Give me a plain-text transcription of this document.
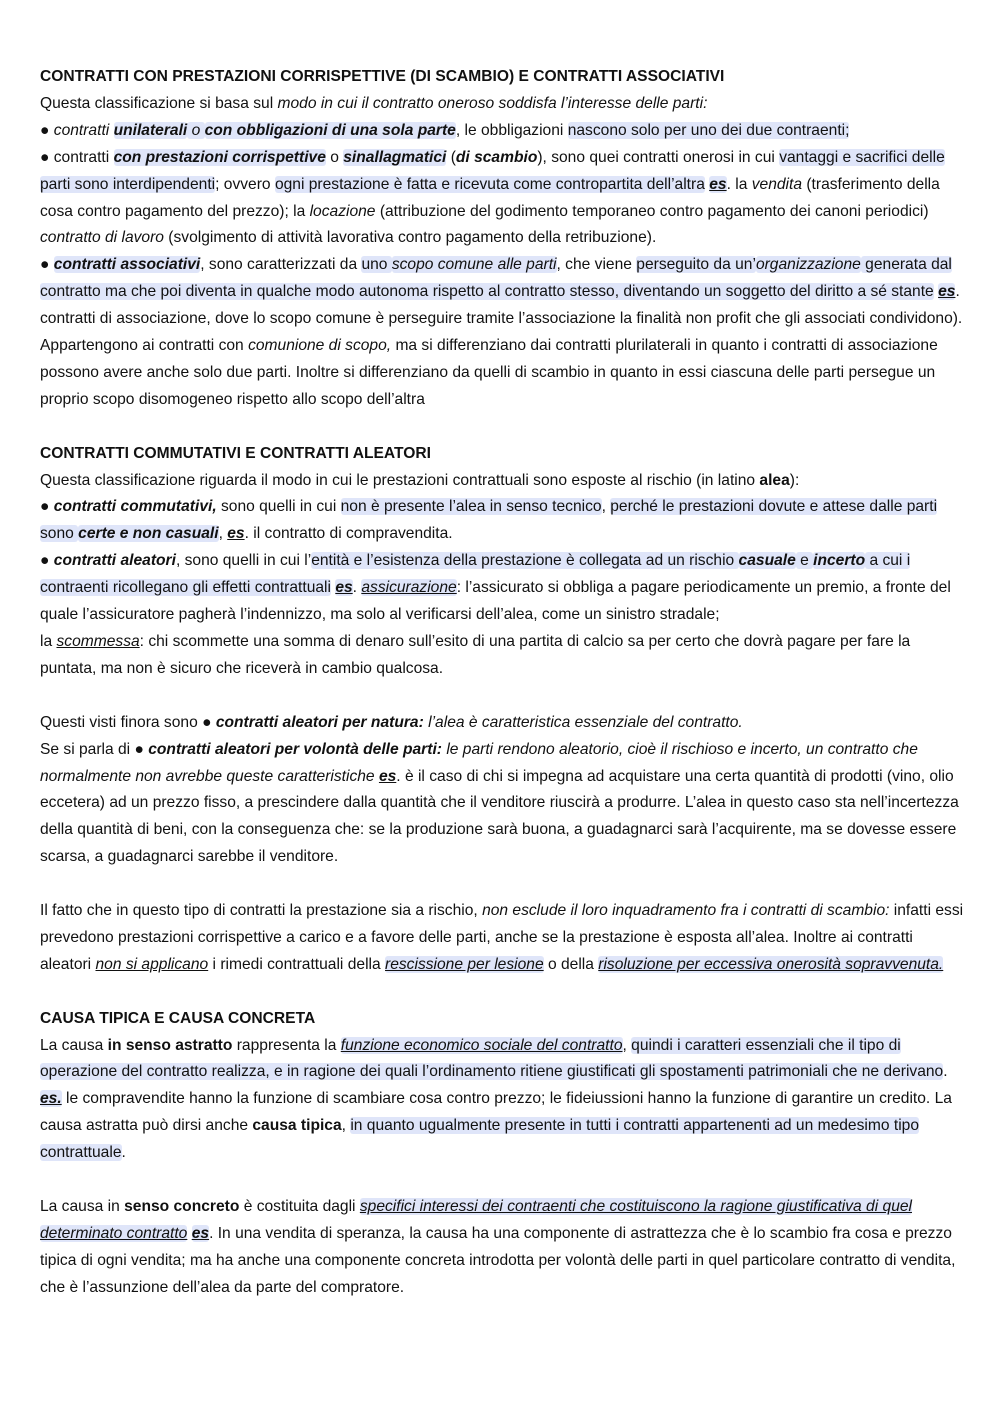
CONTRATTI CON PRESTAZIONI CORRISPETTIVE (DI SCAMBIO) E CONTRATTI ASSOCIATIVI

Questa classificazione si basa sul modo in cui il contratto oneroso soddisfa l’interesse delle parti:

● contratti unilaterali o con obbligazioni di una sola parte, le obbligazioni nascono solo per uno dei due contraenti;

● contratti con prestazioni corrispettive o sinallagmatici (di scambio), sono quei contratti onerosi in cui vantaggi e sacrifici delle parti sono interdipendenti; ovvero ogni prestazione è fatta e ricevuta come contropartita dell’altra es. la vendita (trasferimento della cosa contro pagamento del prezzo); la locazione (attribuzione del godimento temporaneo contro pagamento dei canoni periodici) contratto di lavoro (svolgimento di attività lavorativa contro pagamento della retribuzione).

● contratti associativi, sono caratterizzati da uno scopo comune alle parti, che viene perseguito da un’organizzazione generata dal contratto ma che poi diventa in qualche modo autonoma rispetto al contratto stesso, diventando un soggetto del diritto a sé stante es. contratti di associazione, dove lo scopo comune è perseguire tramite l’associazione la finalità non profit che gli associati condividono). Appartengono ai contratti con comunione di scopo, ma si differenziano dai contratti plurilaterali in quanto i contratti di associazione possono avere anche solo due parti. Inoltre si differenziano da quelli di scambio in quanto in essi ciascuna delle parti persegue un proprio scopo disomogeneo rispetto allo scopo dell’altra

CONTRATTI COMMUTATIVI E CONTRATTI ALEATORI

Questa classificazione riguarda il modo in cui le prestazioni contrattuali sono esposte al rischio (in latino alea):

● contratti commutativi, sono quelli in cui non è presente l’alea in senso tecnico, perché le prestazioni dovute e attese dalle parti sono certe e non casuali, es. il contratto di compravendita.

● contratti aleatori, sono quelli in cui l’entità e l’esistenza della prestazione è collegata ad un rischio casuale e incerto a cui i contraenti ricollegano gli effetti contrattuali es. assicurazione: l’assicurato si obbliga a pagare periodicamente un premio, a fronte del quale l’assicuratore pagherà l’indennizzo, ma solo al verificarsi dell’alea, come un sinistro stradale;

la scommessa: chi scommette una somma di denaro sull’esito di una partita di calcio sa per certo che dovrà pagare per fare la puntata, ma non è sicuro che riceverà in cambio qualcosa.

Questi visti finora sono ● contratti aleatori per natura: l’alea è caratteristica essenziale del contratto.

Se si parla di ● contratti aleatori per volontà delle parti: le parti rendono aleatorio, cioè il rischioso e incerto, un contratto che normalmente non avrebbe queste caratteristiche es. è il caso di chi si impegna ad acquistare una certa quantità di prodotti (vino, olio eccetera) ad un prezzo fisso, a prescindere dalla quantità che il venditore riuscirà a produrre. L’alea in questo caso sta nell’incertezza della quantità di beni, con la conseguenza che: se la produzione sarà buona, a guadagnarci sarà l’acquirente, ma se dovesse essere scarsa, a guadagnarci sarebbe il venditore.

Il fatto che in questo tipo di contratti la prestazione sia a rischio, non esclude il loro inquadramento fra i contratti di scambio: infatti essi prevedono prestazioni corrispettive a carico e a favore delle parti, anche se la prestazione è esposta all’alea. Inoltre ai contratti aleatori non si applicano i rimedi contrattuali della rescissione per lesione o della risoluzione per eccessiva onerosità sopravvenuta.

CAUSA TIPICA E CAUSA CONCRETA

La causa in senso astratto rappresenta la funzione economico sociale del contratto, quindi i caratteri essenziali che il tipo di operazione del contratto realizza, e in ragione dei quali l’ordinamento ritiene giustificati gli spostamenti patrimoniali che ne derivano. es. le compravendite hanno la funzione di scambiare cosa contro prezzo; le fideiussioni hanno la funzione di garantire un credito. La causa astratta può dirsi anche causa tipica, in quanto ugualmente presente in tutti i contratti appartenenti ad un medesimo tipo contrattuale.

La causa in senso concreto è costituita dagli specifici interessi dei contraenti che costituiscono la ragione giustificativa di quel determinato contratto es. In una vendita di speranza, la causa ha una componente di astrattezza che è lo scambio fra cosa e prezzo tipica di ogni vendita; ma ha anche una componente concreta introdotta per volontà delle parti in quel particolare contratto di vendita, che è l’assunzione dell’alea da parte del compratore.
